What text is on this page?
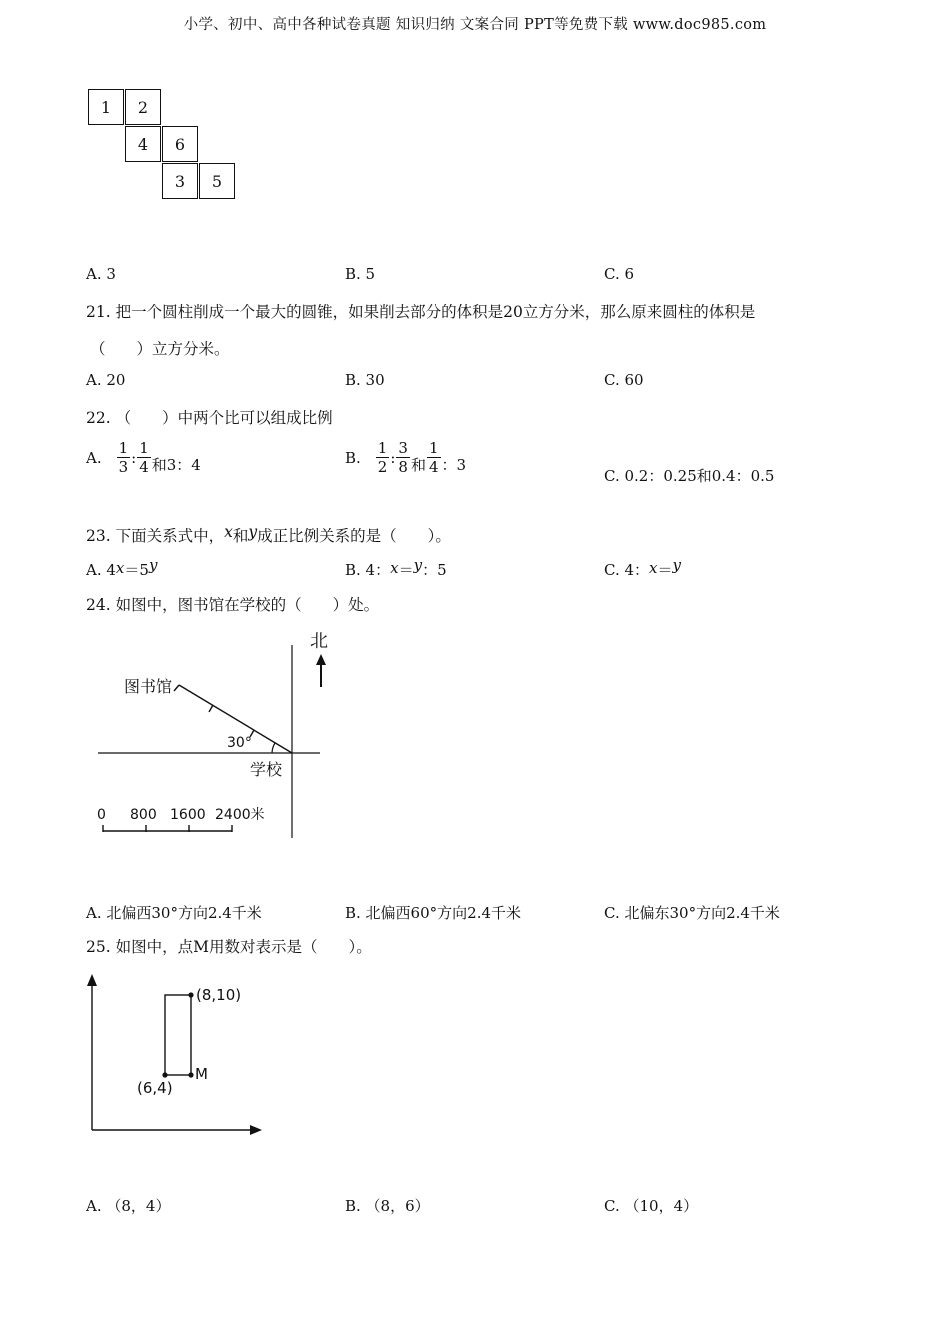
小学、初中、高中各种试卷真题 知识归纳 文案合同 PPT等免费下载 www.doc985.com
1	2
4	6
3	5
A. 3	B. 5	C. 6
21. 把一个圆柱削成一个最大的圆锥，如果削去部分的体积是20立方分米，那么原来圆柱的体积是
（　　）立方分米。
A. 20	B. 30	C. 60
22. （　　）中两个比可以组成比例
A. $\frac{1}{3}$ : $\frac{1}{4}$ 和3：4	B. $\frac{1}{2}$ : $\frac{3}{8}$ 和 $\frac{1}{4}$ ：3
C. 0.2：0.25和0.4：0.5
23. 下面关系式中，x和y成正比例关系的是（　　）。
A. 4x＝5y	B. 4：x＝y：5	C. 4：x＝y
24. 如图中，图书馆在学校的（　　）处。
北
图书馆
30°
学校
0 800 1600 2400米
A. 北偏西30°方向2.4千米	B. 北偏西60°方向2.4千米	C. 北偏东30°方向2.4千米
25. 如图中，点M用数对表示是（　　）。
(8,10)
M
(6,4)
A. （8，4）	B. （8，6）	C. （10，4）
